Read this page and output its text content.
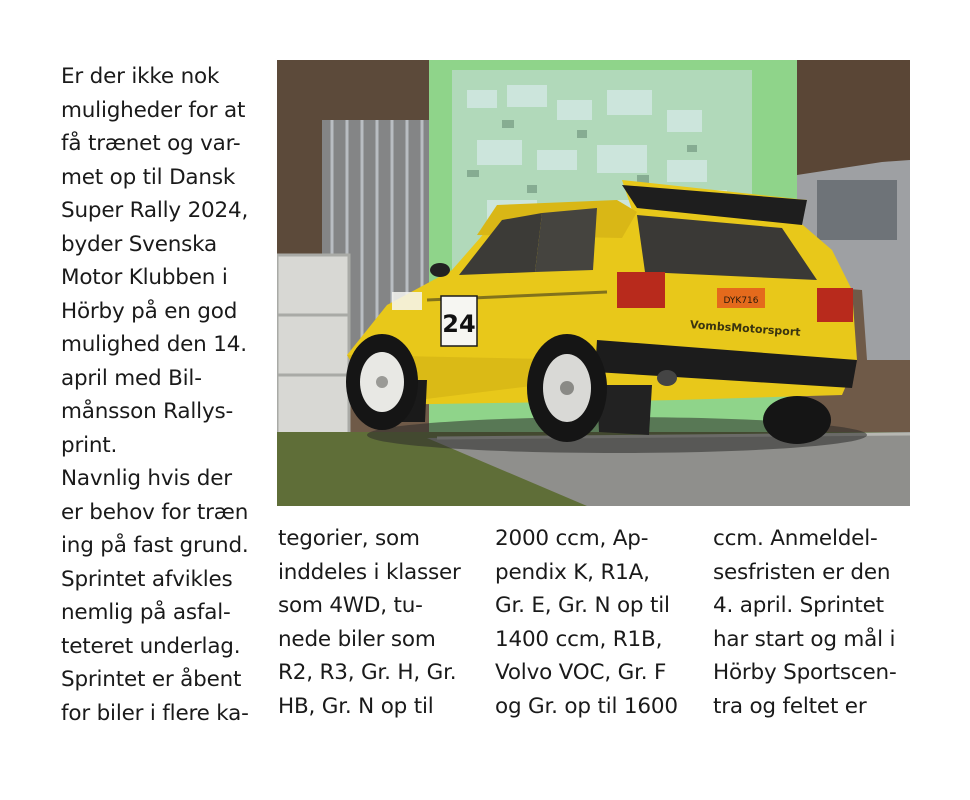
Er der ikke nok
muligheder for at
få trænet og var-
met op til Dansk
Super Rally 2024,
byder Svenska
Motor Klubben i
Hörby på en god
mulighed den 14.
april med Bil-
månsson Rallys-
print.
Navnlig hvis der
er behov for træn
ing på fast grund.
Sprintet afvikles
nemlig på asfal-
teteret underlag.
Sprintet er åbent
for biler i flere ka-
DYK716
VombsMotorsport
24
tegorier, som
inddeles i klasser
som 4WD, tu-
nede biler som
R2, R3, Gr. H, Gr.
HB, Gr. N op til
2000 ccm, Ap-
pendix K, R1A,
Gr. E, Gr. N op til
1400 ccm, R1B,
Volvo VOC, Gr. F
og Gr. op til 1600
ccm. Anmeldel-
sesfristen er den
4. april. Sprintet
har start og mål i
Hörby Sportscen-
tra og feltet er
